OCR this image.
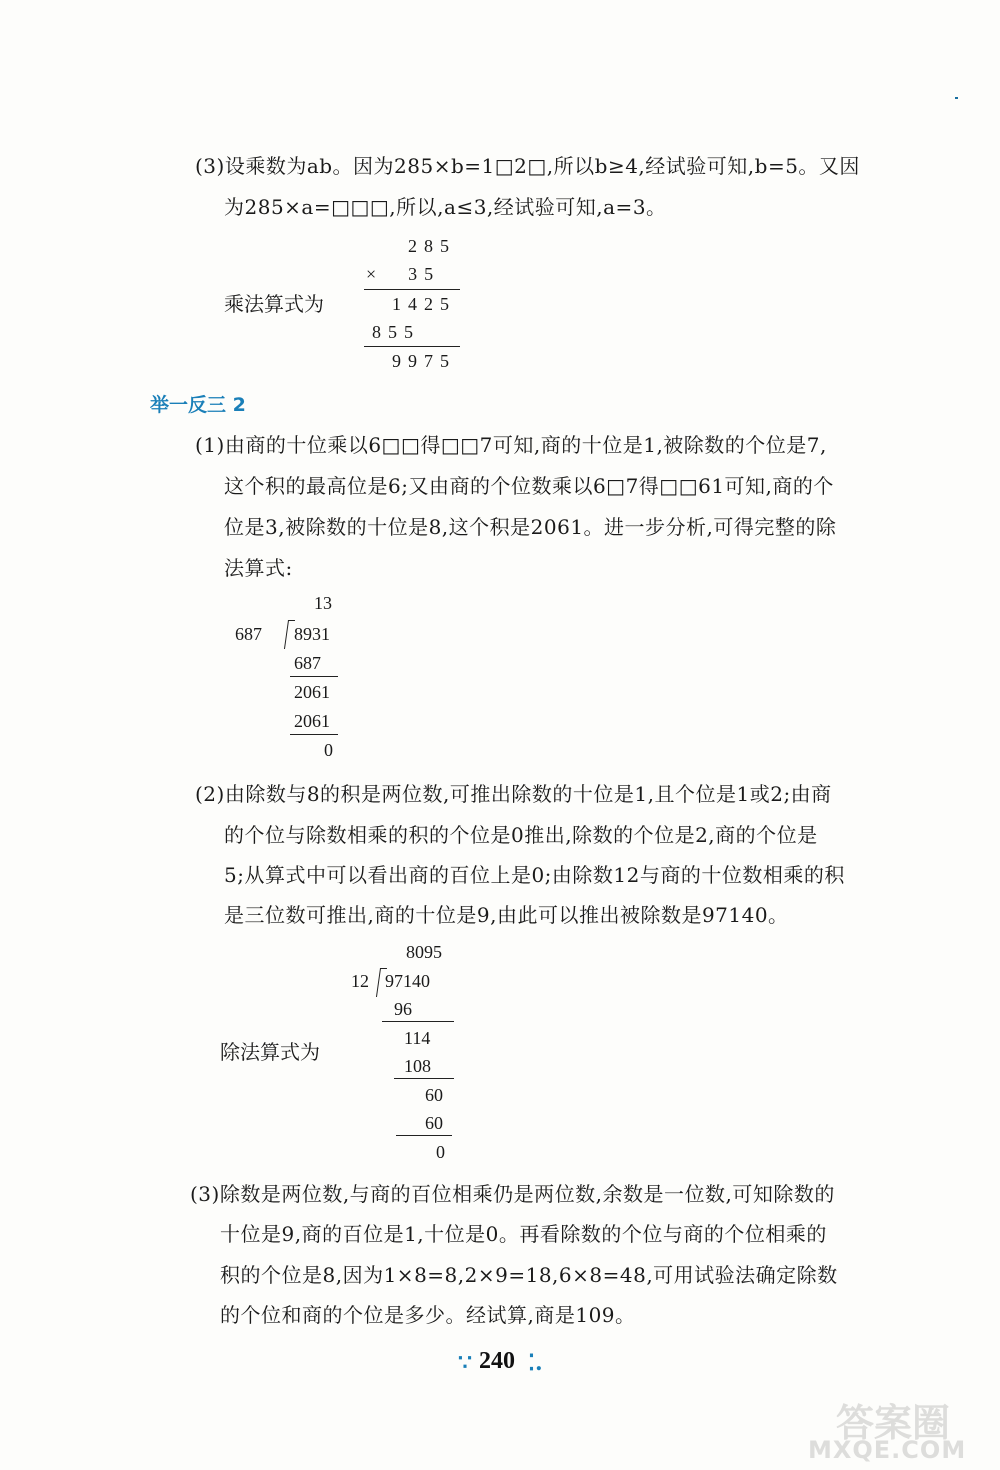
(3)设乘数为ab。因为285×b=1□2□,所以b≥4,经试验可知,b=5。又因
为285×a=□□□,所以,a≤3,经试验可知,a=3。
285
×　35
乘法算式为	1425
855
9975
举一反三 2
(1)由商的十位乘以6□□得□□7可知,商的十位是1,被除数的个位是7,
这个积的最高位是6;又由商的个位数乘以6□7得□□61可知,商的个
位是3,被除数的十位是8,这个积是2061。进一步分析,可得完整的除
法算式:
13
687 8931
687
2061
2061
0
(2)由除数与8的积是两位数,可推出除数的十位是1,且个位是1或2;由商
的个位与除数相乘的积的个位是0推出,除数的个位是2,商的个位是
5;从算式中可以看出商的百位上是0;由除数12与商的十位数相乘的积
是三位数可推出,商的十位是9,由此可以推出被除数是97140。
8095
12 97140
96
除法算式为
114
108
60
60
0
(3)除数是两位数,与商的百位相乘仍是两位数,余数是一位数,可知除数的
十位是9,商的百位是1,十位是0。再看除数的个位与商的个位相乘的
积的个位是8,因为1×8=8,2×9=18,6×8=48,可用试验法确定除数
的个位和商的个位是多少。经试算,商是109。
∵ 240 ⁚.
答案圈
MXQE.COM
